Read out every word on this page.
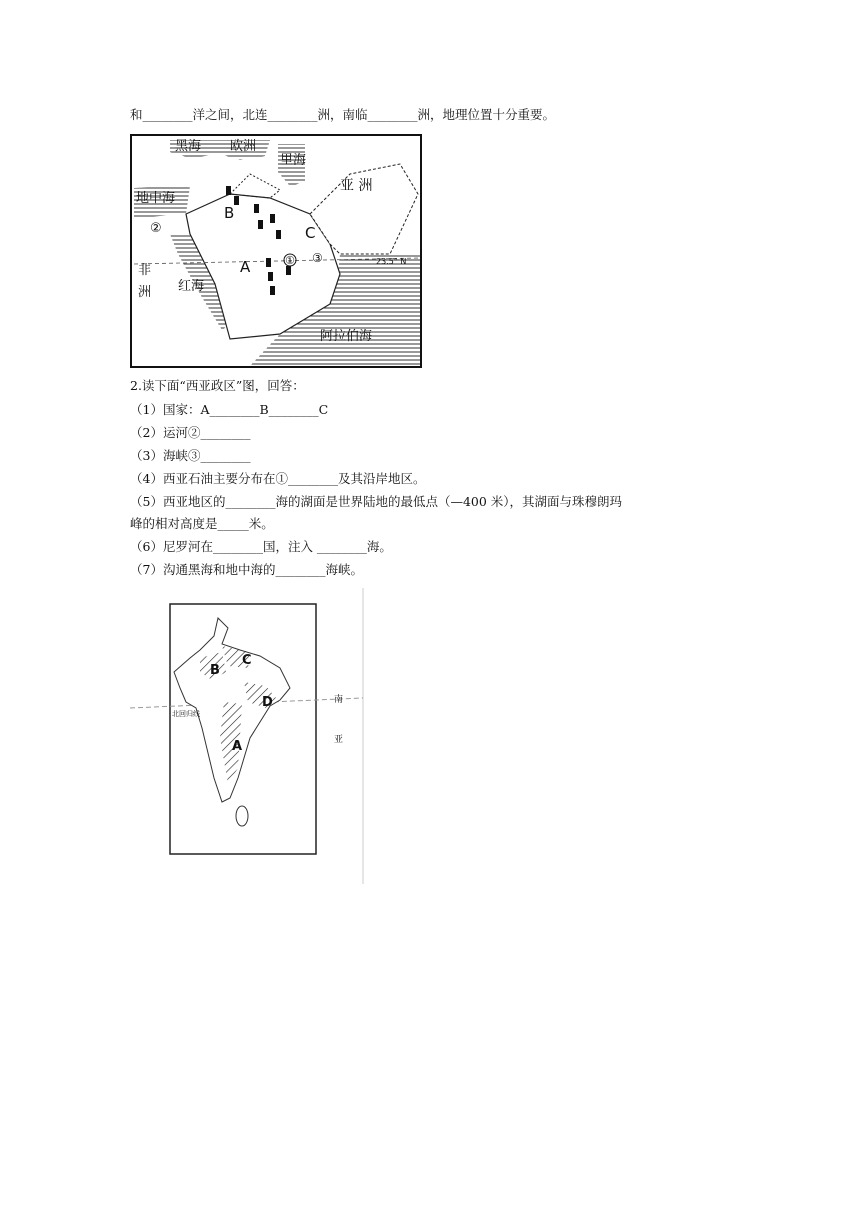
和________洋之间，北连________洲，南临________洲，地理位置十分重要。
黑海 欧洲
里海
亚 洲
地中海
非
洲 红海
阿拉伯海
23.5° N
A
B
C
①
②
③
2.读下面“西亚政区”图，回答：
（1）国家：A________B________C
（2）运河②________
（3）海峡③________
（4）西亚石油主要分布在①________及其沿岸地区。
（5）西亚地区的________海的湖面是世界陆地的最低点（—400 米），其湖面与珠穆朗玛
峰的相对高度是_____米。
（6）尼罗河在________国，注入 ________海。
（7）沟通黑海和地中海的________海峡。
B
C
D
A
北回归线
南
亚
